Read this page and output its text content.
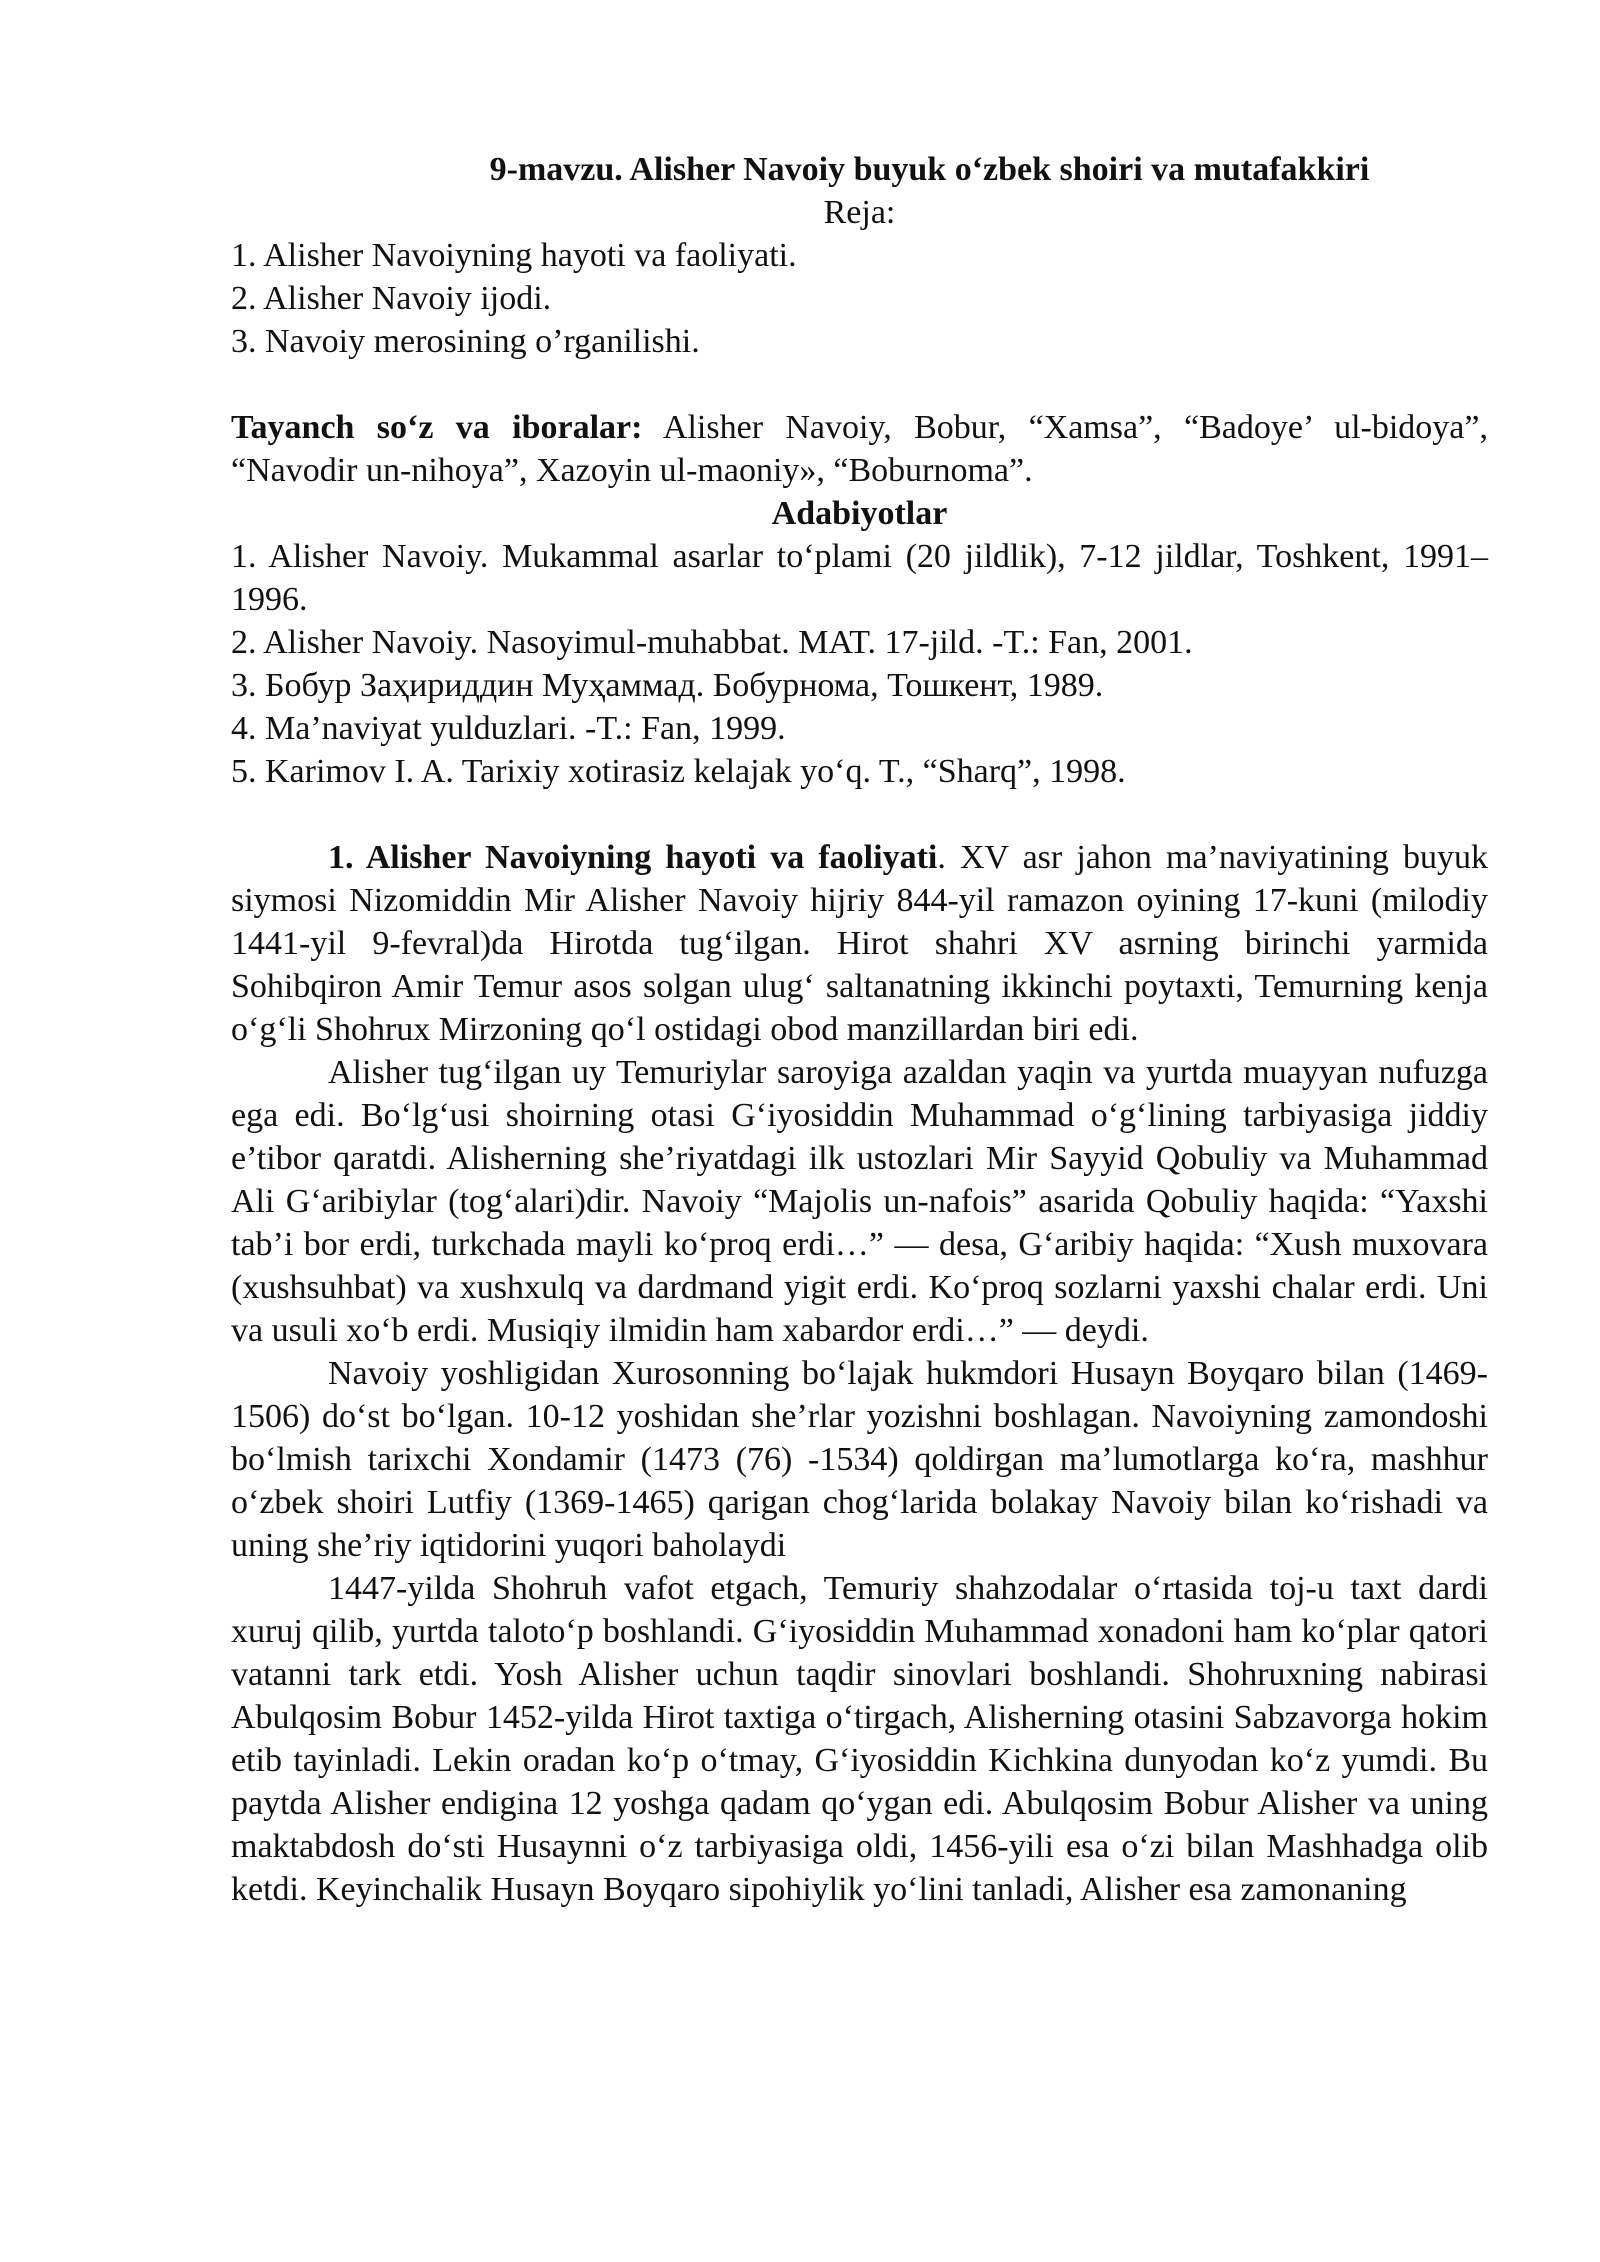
9-mavzu. Alisher Navoiy buyuk o‘zbek shoiri va mutafakkiri

Reja:

1. Alisher Navoiyning hayoti va faoliyati.

2. Alisher Navoiy ijodi.

3. Navoiy merosining o’rganilishi.

Tayanch so‘z va iboralar: Alisher Navoiy, Bobur, “Xamsa”, “Badoye’ ul-bidoya”, “Navodir un-nihoya”, Xazoyin ul-maoniy», “Boburnoma”.

Adabiyotlar

1. Alisher Navoiy. Mukammal asarlar to‘plami (20 jildlik), 7-12 jildlar, Toshkent, 1991–1996.

2. Alisher Navoiy. Nasoyimul-muhabbat. MAT. 17-jild. -T.: Fan, 2001.

3. Бобур Заҳириддин Муҳаммад. Бобурнома, Тошкент, 1989.

4. Ma’naviyat yulduzlari. -T.: Fan, 1999.

5. Karimov I. A. Tarixiy xotirasiz kelajak yo‘q. T., “Sharq”, 1998.

1. Alisher Navoiyning hayoti va faoliyati. XV asr jahon ma’naviyatining buyuk siymosi Nizomiddin Mir Alisher Navoiy hijriy 844-yil ramazon oyining 17-kuni (milodiy 1441-yil 9-fevral)da Hirotda tug‘ilgan. Hirot shahri XV asrning birinchi yarmida Sohibqiron Amir Temur asos solgan ulug‘ saltanatning ikkinchi poytaxti, Temurning kenja o‘g‘li Shohrux Mirzoning qo‘l ostidagi obod manzillardan biri edi.

Alisher tug‘ilgan uy Temuriylar saroyiga azaldan yaqin va yurtda muayyan nufuzga ega edi. Bo‘lg‘usi shoirning otasi G‘iyosiddin Muhammad o‘g‘lining tarbiyasiga jiddiy e’tibor qaratdi. Alisherning she’riyatdagi ilk ustozlari Mir Sayyid Qobuliy va Muhammad Ali G‘aribiylar (tog‘alari)dir. Navoiy “Majolis un-nafois” asarida Qobuliy haqida: “Yaxshi tab’i bor erdi, turkchada mayli ko‘proq erdi…” — desa, G‘aribiy haqida: “Xush muxovara (xushsuhbat) va xushxulq va dardmand yigit erdi. Ko‘proq sozlarni yaxshi chalar erdi. Uni va usuli xo‘b erdi. Musiqiy ilmidin ham xabardor erdi…” — deydi.

Navoiy yoshligidan Xurosonning bo‘lajak hukmdori Husayn Boyqaro bilan (1469-1506) do‘st bo‘lgan. 10-12 yoshidan she’rlar yozishni boshlagan. Navoiyning zamondoshi bo‘lmish tarixchi Xondamir (1473 (76) -1534) qoldirgan ma’lumotlarga ko‘ra, mashhur o‘zbek shoiri Lutfiy (1369-1465) qarigan chog‘larida bolakay Navoiy bilan ko‘rishadi va uning she’riy iqtidorini yuqori baholaydi

1447-yilda Shohruh vafot etgach, Temuriy shahzodalar o‘rtasida toj-u taxt dardi xuruj qilib, yurtda taloto‘p boshlandi. G‘iyosiddin Muhammad xonadoni ham ko‘plar qatori vatanni tark etdi. Yosh Alisher uchun taqdir sinovlari boshlandi. Shohruxning nabirasi Abulqosim Bobur 1452-yilda Hirot taxtiga o‘tirgach, Alisherning otasini Sabzavorga hokim etib tayinladi. Lekin oradan ko‘p o‘tmay, G‘iyosiddin Kichkina dunyodan ko‘z yumdi. Bu paytda Alisher endigina 12 yoshga qadam qo‘ygan edi. Abulqosim Bobur Alisher va uning maktabdosh do‘sti Husaynni o‘z tarbiyasiga oldi, 1456-yili esa o‘zi bilan Mashhadga olib ketdi. Keyinchalik Husayn Boyqaro sipohiylik yo‘lini tanladi, Alisher esa zamonaning
